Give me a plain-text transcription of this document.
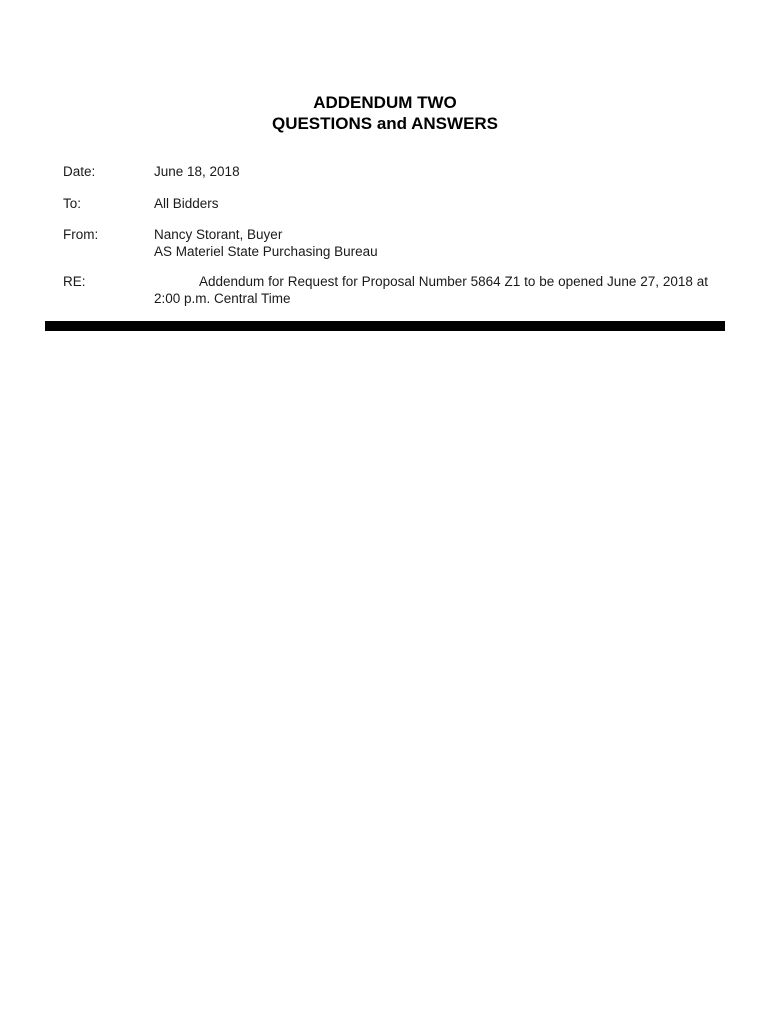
ADDENDUM TWO
QUESTIONS and ANSWERS
Date:	June 18, 2018
To:	All Bidders
From:	Nancy Storant, Buyer
AS Materiel State Purchasing Bureau
RE:	Addendum for Request for Proposal Number 5864 Z1 to be opened June 27, 2018 at 2:00 p.m. Central Time
